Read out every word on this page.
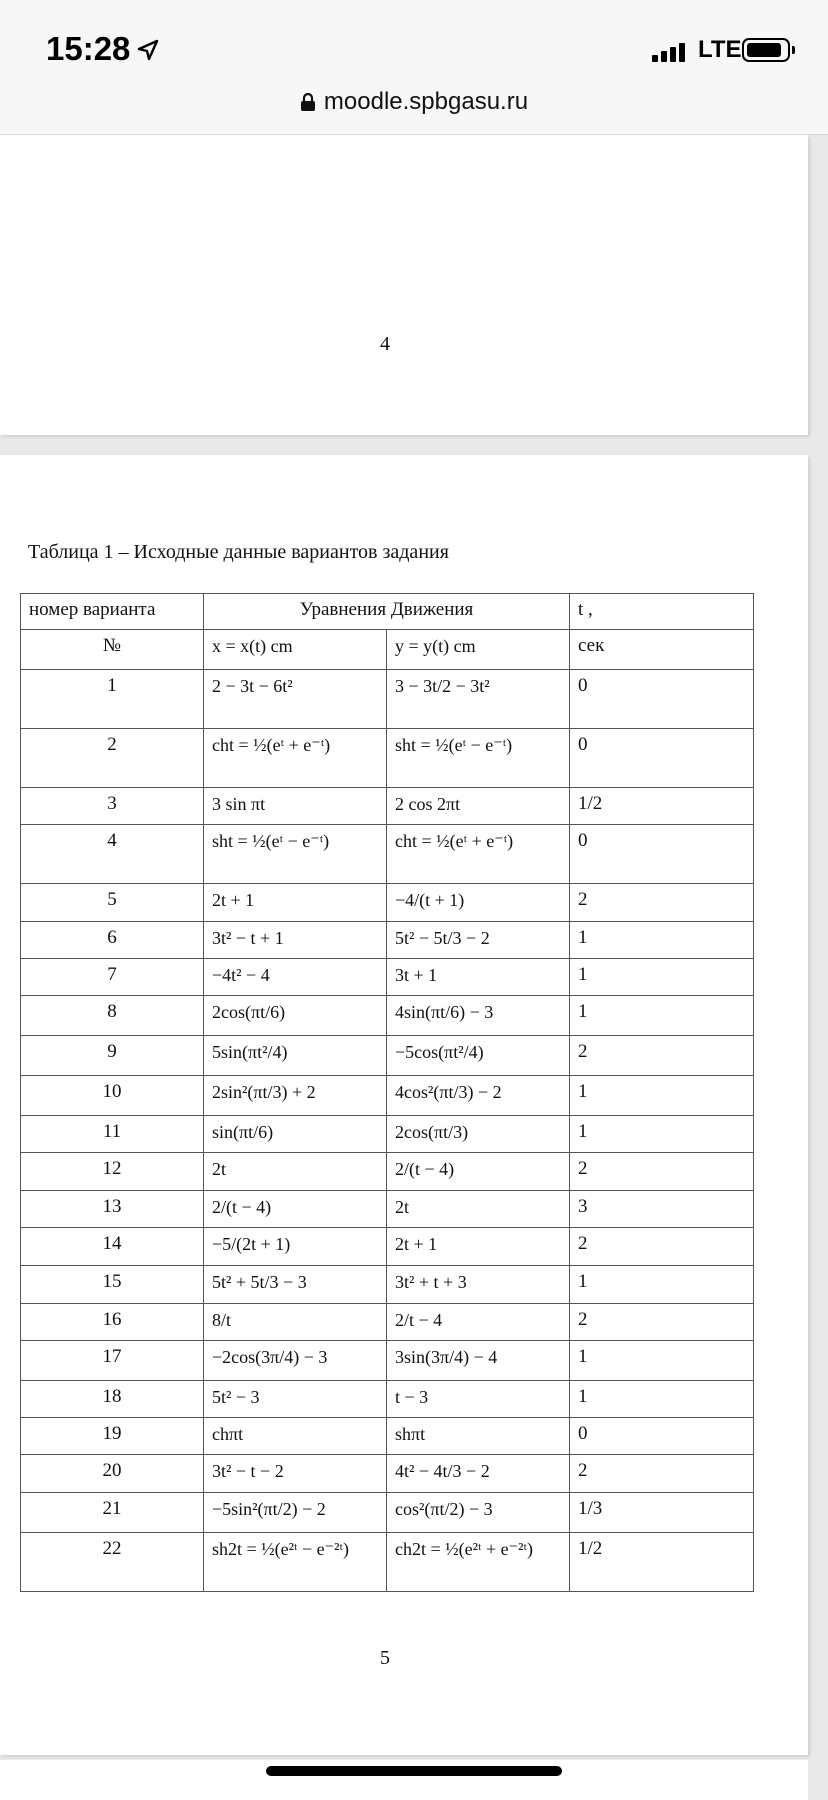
15:28	LTE
moodle.spbgasu.ru
4
Таблица 1 – Исходные данные вариантов задания
номер варианта	Уравнения Движения		t ,
№	x = x(t) cm	y = y(t) cm	сек
1	2 − 3t − 6t²	3 − 3t/2 − 3t²	0
2	cht = ½(eᵗ + e⁻ᵗ)	sht = ½(eᵗ − e⁻ᵗ)	0
3	3 sin πt	2 cos 2πt	1/2
4	sht = ½(eᵗ − e⁻ᵗ)	cht = ½(eᵗ + e⁻ᵗ)	0
5	2t + 1	−4/(t + 1)	2
6	3t² − t + 1	5t² − 5t/3 − 2	1
7	−4t² − 4	3t + 1	1
8	2cos(πt/6)	4sin(πt/6) − 3	1
9	5sin(πt²/4)	−5cos(πt²/4)	2
10	2sin²(πt/3) + 2	4cos²(πt/3) − 2	1
11	sin(πt/6)	2cos(πt/3)	1
12	2t	2/(t − 4)	2
13	2/(t − 4)	2t	3
14	−5/(2t + 1)	2t + 1	2
15	5t² + 5t/3 − 3	3t² + t + 3	1
16	8/t	2/t − 4	2
17	−2cos(3π/4) − 3	3sin(3π/4) − 4	1
18	5t² − 3	t − 3	1
19	chπt	shπt	0
20	3t² − t − 2	4t² − 4t/3 − 2	2
21	−5sin²(πt/2) − 2	cos²(πt/2) − 3	1/3
22	sh2t = ½(e²ᵗ − e⁻²ᵗ)	ch2t = ½(e²ᵗ + e⁻²ᵗ)	1/2
5
